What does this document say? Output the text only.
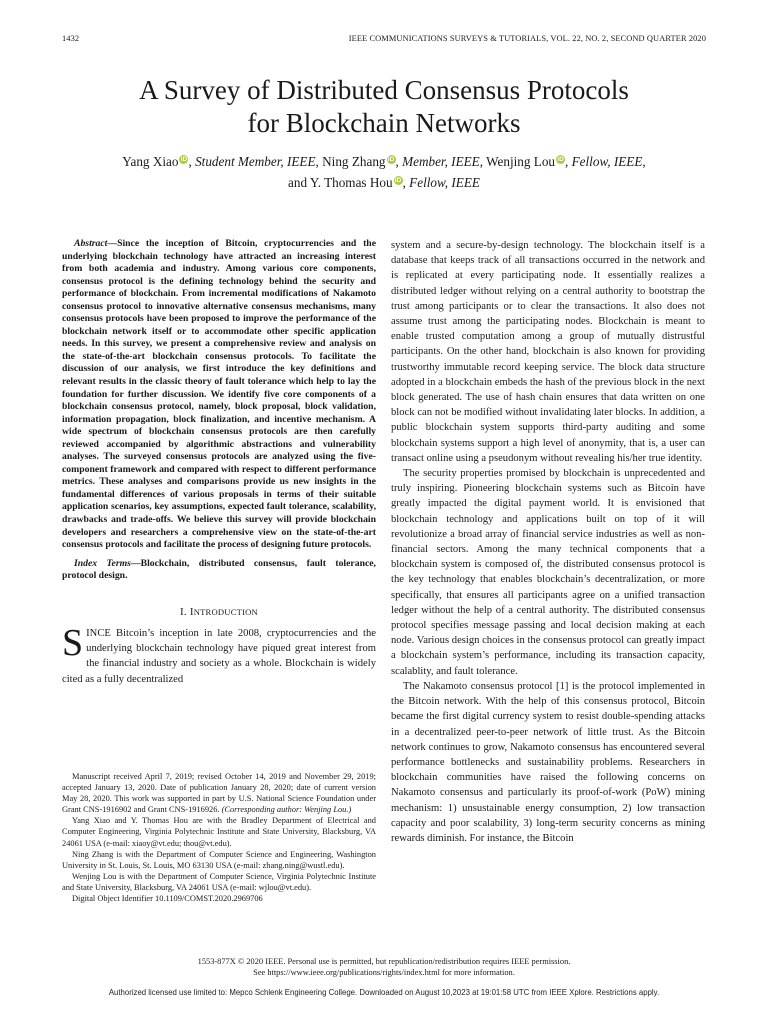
1432	IEEE COMMUNICATIONS SURVEYS & TUTORIALS, VOL. 22, NO. 2, SECOND QUARTER 2020
A Survey of Distributed Consensus Protocols
for Blockchain Networks
Yang Xiao iD, Student Member, IEEE, Ning Zhang iD, Member, IEEE, Wenjing Lou iD, Fellow, IEEE,
and Y. Thomas Hou iD, Fellow, IEEE

Abstract—Since the inception of Bitcoin, cryptocurrencies and the underlying blockchain technology have attracted an increasing interest from both academia and industry. Among various core components, consensus protocol is the defining technology behind the security and performance of blockchain. From incremental modifications of Nakamoto consensus protocol to innovative alternative consensus mechanisms, many consensus protocols have been proposed to improve the performance of the blockchain network itself or to accommodate other specific application needs. In this survey, we present a comprehensive review and analysis on the state-of-the-art blockchain consensus protocols. To facilitate the discussion of our analysis, we first introduce the key definitions and relevant results in the classic theory of fault tolerance which help to lay the foundation for further discussion. We identify five core components of a blockchain consensus protocol, namely, block proposal, block validation, information propagation, block finalization, and incentive mechanism. A wide spectrum of blockchain consensus protocols are then carefully reviewed accompanied by algorithmic abstractions and vulnerability analyses. The surveyed consensus protocols are analyzed using the five-component framework and compared with respect to different performance metrics. These analyses and comparisons provide us new insights in the fundamental differences of various proposals in terms of their suitable application scenarios, key assumptions, expected fault tolerance, scalability, drawbacks and trade-offs. We believe this survey will provide blockchain developers and researchers a comprehensive view on the state-of-the-art consensus protocols and facilitate the process of designing future protocols.

Index Terms—Blockchain, distributed consensus, fault tolerance, protocol design.

I. INTRODUCTION

SINCE Bitcoin’s inception in late 2008, cryptocurrencies and the underlying blockchain technology have piqued great interest from the financial industry and society as a whole. Blockchain is widely cited as a fully decentralized

Manuscript received April 7, 2019; revised October 14, 2019 and November 29, 2019; accepted January 13, 2020. Date of publication January 28, 2020; date of current version May 28, 2020. This work was supported in part by U.S. National Science Foundation under Grant CNS-1916902 and Grant CNS-1916926. (Corresponding author: Wenjing Lou.)

Yang Xiao and Y. Thomas Hou are with the Bradley Department of Electrical and Computer Engineering, Virginia Polytechnic Institute and State University, Blacksburg, VA 24061 USA (e-mail: xiaoy@vt.edu; thou@vt.edu).

Ning Zhang is with the Department of Computer Science and Engineering, Washington University in St. Louis, St. Louis, MO 63130 USA (e-mail: zhang.ning@wustl.edu).

Wenjing Lou is with the Department of Computer Science, Virginia Polytechnic Institute and State University, Blacksburg, VA 24061 USA (e-mail: wjlou@vt.edu).

Digital Object Identifier 10.1109/COMST.2020.2969706

system and a secure-by-design technology. The blockchain itself is a database that keeps track of all transactions occurred in the network and is replicated at every participating node. It essentially realizes a distributed ledger without relying on a central authority to bootstrap the trust among participants or to clear the transactions. It also does not assume trust among the participating nodes. Blockchain is meant to enable trusted computation among a group of mutually distrustful participants. On the other hand, blockchain is also known for providing trustworthy immutable record keeping service. The block data structure adopted in a blockchain embeds the hash of the previous block in the next block generated. The use of hash chain ensures that data written on one block can not be modified without invalidating later blocks. In addition, a public blockchain system supports third-party auditing and some blockchain systems support a high level of anonymity, that is, a user can transact online using a pseudonym without revealing his/her true identity.

The security properties promised by blockchain is unprecedented and truly inspiring. Pioneering blockchain systems such as Bitcoin have greatly impacted the digital payment world. It is envisioned that blockchain technology and applications built on top of it will revolutionize a broad array of financial service industries as well as non-financial sectors. Among the many technical components that a blockchain system is composed of, the distributed consensus protocol is the key technology that enables blockchain’s decentralization, or more specifically, that ensures all participants agree on a unified transaction ledger without the help of a central authority. The distributed consensus protocol specifies message passing and local decision making at each node. Various design choices in the consensus protocol can greatly impact a blockchain system’s performance, including its transaction capacity, scalablity, and fault tolerance.

The Nakamoto consensus protocol [1] is the protocol implemented in the Bitcoin network. With the help of this consensus protocol, Bitcoin became the first digital currency system to resist double-spending attacks in a decentralized peer-to-peer network of little trust. As the Bitcoin network continues to grow, Nakamoto consensus has encountered several performance bottlenecks and sustainability problems. Researchers in blockchain communities have raised the following concerns on Nakamoto consensus and particularly its proof-of-work (PoW) mining mechanism: 1) unsustainable energy consumption, 2) low transaction capacity and poor scalability, 3) long-term security concerns as mining rewards diminish. For instance, the Bitcoin

1553-877X © 2020 IEEE. Personal use is permitted, but republication/redistribution requires IEEE permission.
See https://www.ieee.org/publications/rights/index.html for more information.
Authorized licensed use limited to: Mepco Schlenk Engineering College. Downloaded on August 10,2023 at 19:01:58 UTC from IEEE Xplore. Restrictions apply.
